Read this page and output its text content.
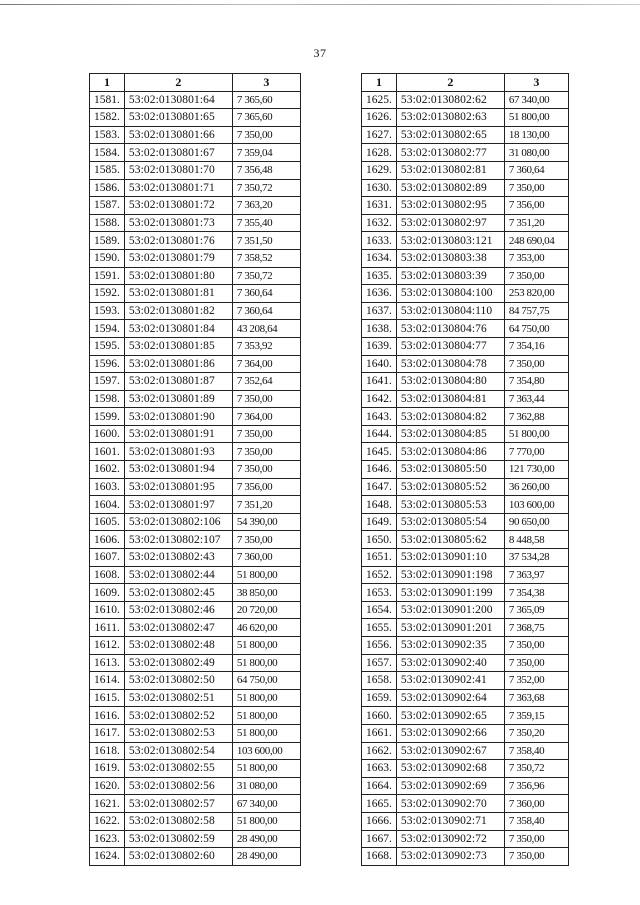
37
1	2	3
1581.	53:02:0130801:64	7 365,60
1582.	53:02:0130801:65	7 365,60
1583.	53:02:0130801:66	7 350,00
1584.	53:02:0130801:67	7 359,04
1585.	53:02:0130801:70	7 356,48
1586.	53:02:0130801:71	7 350,72
1587.	53:02:0130801:72	7 363,20
1588.	53:02:0130801:73	7 355,40
1589.	53:02:0130801:76	7 351,50
1590.	53:02:0130801:79	7 358,52
1591.	53:02:0130801:80	7 350,72
1592.	53:02:0130801:81	7 360,64
1593.	53:02:0130801:82	7 360,64
1594.	53:02:0130801:84	43 208,64
1595.	53:02:0130801:85	7 353,92
1596.	53:02:0130801:86	7 364,00
1597.	53:02:0130801:87	7 352,64
1598.	53:02:0130801:89	7 350,00
1599.	53:02:0130801:90	7 364,00
1600.	53:02:0130801:91	7 350,00
1601.	53:02:0130801:93	7 350,00
1602.	53:02:0130801:94	7 350,00
1603.	53:02:0130801:95	7 356,00
1604.	53:02:0130801:97	7 351,20
1605.	53:02:0130802:106	54 390,00
1606.	53:02:0130802:107	7 350,00
1607.	53:02:0130802:43	7 360,00
1608.	53:02:0130802:44	51 800,00
1609.	53:02:0130802:45	38 850,00
1610.	53:02:0130802:46	20 720,00
1611.	53:02:0130802:47	46 620,00
1612.	53:02:0130802:48	51 800,00
1613.	53:02:0130802:49	51 800,00
1614.	53:02:0130802:50	64 750,00
1615.	53:02:0130802:51	51 800,00
1616.	53:02:0130802:52	51 800,00
1617.	53:02:0130802:53	51 800,00
1618.	53:02:0130802:54	103 600,00
1619.	53:02:0130802:55	51 800,00
1620.	53:02:0130802:56	31 080,00
1621.	53:02:0130802:57	67 340,00
1622.	53:02:0130802:58	51 800,00
1623.	53:02:0130802:59	28 490,00
1624.	53:02:0130802:60	28 490,00
1	2	3
1625.	53:02:0130802:62	67 340,00
1626.	53:02:0130802:63	51 800,00
1627.	53:02:0130802:65	18 130,00
1628.	53:02:0130802:77	31 080,00
1629.	53:02:0130802:81	7 360,64
1630.	53:02:0130802:89	7 350,00
1631.	53:02:0130802:95	7 356,00
1632.	53:02:0130802:97	7 351,20
1633.	53:02:0130803:121	248 690,04
1634.	53:02:0130803:38	7 353,00
1635.	53:02:0130803:39	7 350,00
1636.	53:02:0130804:100	253 820,00
1637.	53:02:0130804:110	84 757,75
1638.	53:02:0130804:76	64 750,00
1639.	53:02:0130804:77	7 354,16
1640.	53:02:0130804:78	7 350,00
1641.	53:02:0130804:80	7 354,80
1642.	53:02:0130804:81	7 363,44
1643.	53:02:0130804:82	7 362,88
1644.	53:02:0130804:85	51 800,00
1645.	53:02:0130804:86	7 770,00
1646.	53:02:0130805:50	121 730,00
1647.	53:02:0130805:52	36 260,00
1648.	53:02:0130805:53	103 600,00
1649.	53:02:0130805:54	90 650,00
1650.	53:02:0130805:62	8 448,58
1651.	53:02:0130901:10	37 534,28
1652.	53:02:0130901:198	7 363,97
1653.	53:02:0130901:199	7 354,38
1654.	53:02:0130901:200	7 365,09
1655.	53:02:0130901:201	7 368,75
1656.	53:02:0130902:35	7 350,00
1657.	53:02:0130902:40	7 350,00
1658.	53:02:0130902:41	7 352,00
1659.	53:02:0130902:64	7 363,68
1660.	53:02:0130902:65	7 359,15
1661.	53:02:0130902:66	7 350,20
1662.	53:02:0130902:67	7 358,40
1663.	53:02:0130902:68	7 350,72
1664.	53:02:0130902:69	7 356,96
1665.	53:02:0130902:70	7 360,00
1666.	53:02:0130902:71	7 358,40
1667.	53:02:0130902:72	7 350,00
1668.	53:02:0130902:73	7 350,00
